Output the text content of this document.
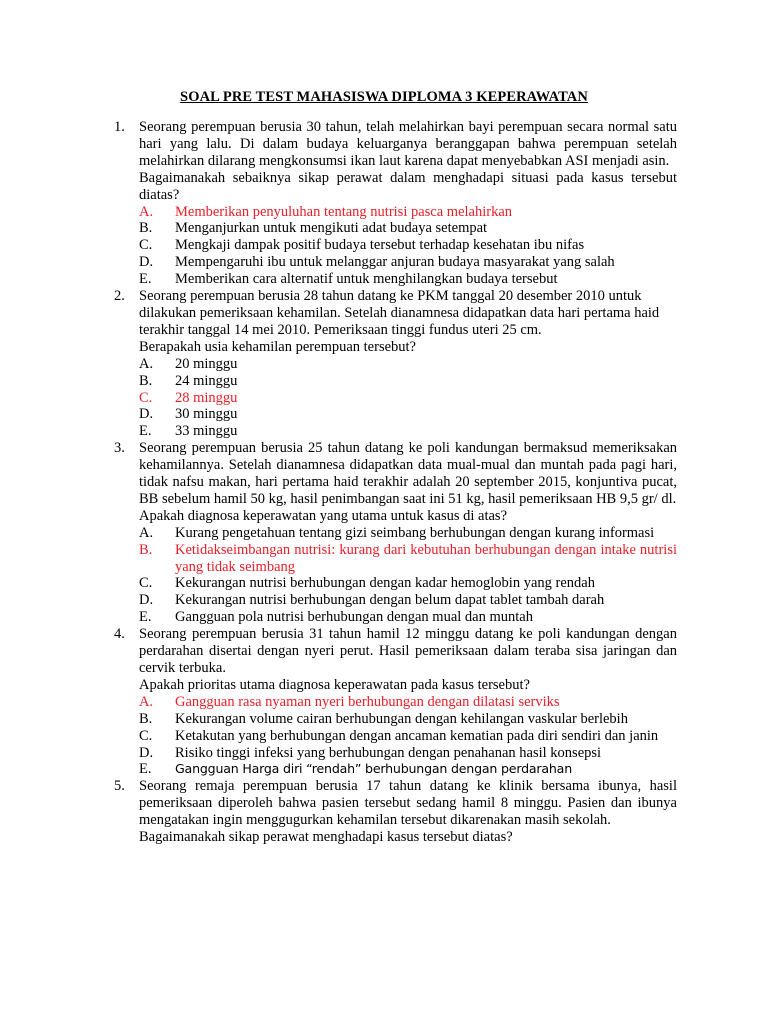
SOAL PRE TEST MAHASISWA DIPLOMA 3 KEPERAWATAN
1. Seorang perempuan berusia 30 tahun, telah melahirkan bayi perempuan secara normal satu hari yang lalu. Di dalam budaya keluarganya beranggapan bahwa perempuan setelah melahirkan dilarang mengkonsumsi ikan laut karena dapat menyebabkan ASI menjadi asin.
Bagaimanakah sebaiknya sikap perawat dalam menghadapi situasi pada kasus tersebut diatas?
A. Memberikan penyuluhan tentang nutrisi pasca melahirkan
B. Menganjurkan untuk mengikuti adat budaya setempat
C. Mengkaji dampak positif budaya tersebut terhadap kesehatan ibu nifas
D. Mempengaruhi ibu untuk melanggar anjuran budaya masyarakat yang salah
E. Memberikan cara alternatif untuk menghilangkan budaya tersebut
2. Seorang perempuan berusia 28 tahun datang ke PKM tanggal 20 desember 2010 untuk dilakukan pemeriksaan kehamilan. Setelah dianamnesa didapatkan data hari pertama haid terakhir tanggal 14 mei 2010. Pemeriksaan tinggi fundus uteri 25 cm.
Berapakah usia kehamilan perempuan tersebut?
A. 20 minggu
B. 24 minggu
C. 28 minggu
D. 30 minggu
E. 33 minggu
3. Seorang perempuan berusia 25 tahun datang ke poli kandungan bermaksud memeriksakan kehamilannya. Setelah dianamnesa didapatkan data mual-mual dan muntah pada pagi hari, tidak nafsu makan, hari pertama haid terakhir adalah 20 september 2015, konjuntiva pucat, BB sebelum hamil 50 kg, hasil penimbangan saat ini 51 kg, hasil pemeriksaan HB 9,5 gr/ dl.
Apakah diagnosa keperawatan yang utama untuk kasus di atas?
A. Kurang pengetahuan tentang gizi seimbang berhubungan dengan kurang informasi
B. Ketidakseimbangan nutrisi: kurang dari kebutuhan berhubungan dengan intake nutrisi yang tidak seimbang
C. Kekurangan nutrisi berhubungan dengan kadar hemoglobin yang rendah
D. Kekurangan nutrisi berhubungan dengan belum dapat tablet tambah darah
E. Gangguan pola nutrisi berhubungan dengan mual dan muntah
4. Seorang perempuan berusia 31 tahun hamil 12 minggu datang ke poli kandungan dengan perdarahan disertai dengan nyeri perut. Hasil pemeriksaan dalam teraba sisa jaringan dan cervik terbuka.
Apakah prioritas utama diagnosa keperawatan pada kasus tersebut?
A. Gangguan rasa nyaman nyeri berhubungan dengan dilatasi serviks
B. Kekurangan volume cairan berhubungan dengan kehilangan vaskular berlebih
C. Ketakutan yang berhubungan dengan ancaman kematian pada diri sendiri dan janin
D. Risiko tinggi infeksi yang berhubungan dengan penahanan hasil konsepsi
E. Gangguan Harga diri “rendah” berhubungan dengan perdarahan
5. Seorang remaja perempuan berusia 17 tahun datang ke klinik bersama ibunya, hasil pemeriksaan diperoleh bahwa pasien tersebut sedang hamil 8 minggu. Pasien dan ibunya mengatakan ingin menggugurkan kehamilan tersebut dikarenakan masih sekolah.
Bagaimanakah sikap perawat menghadapi kasus tersebut diatas?
